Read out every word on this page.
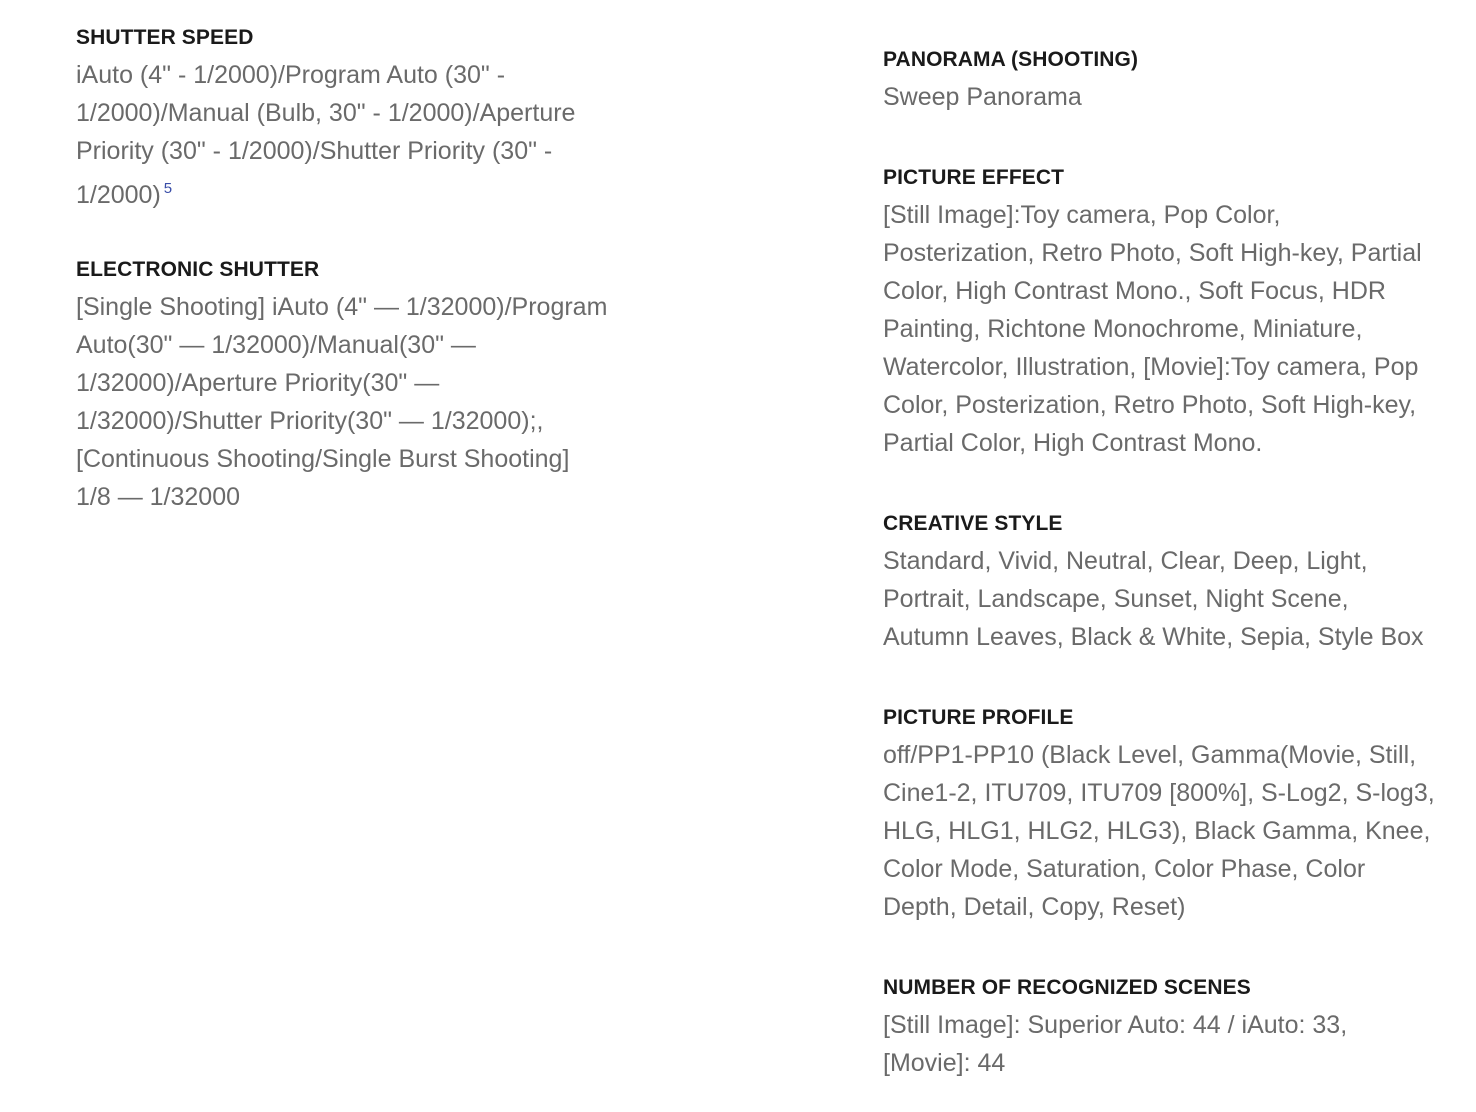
SHUTTER SPEED

iAuto (4" - 1/2000)/Program Auto (30" -
1/2000)/Manual (Bulb, 30" - 1/2000)/Aperture
Priority (30" - 1/2000)/Shutter Priority (30" -
1/2000) $^5$

ELECTRONIC SHUTTER

[Single Shooting] iAuto (4" — 1/32000)/Program
Auto(30" — 1/32000)/Manual(30" —
1/32000)/Aperture Priority(30" —
1/32000)/Shutter Priority(30" — 1/32000);,
[Continuous Shooting/Single Burst Shooting]
1/8 — 1/32000

PANORAMA (SHOOTING)

Sweep Panorama

PICTURE EFFECT

[Still Image]:Toy camera, Pop Color,
Posterization, Retro Photo, Soft High-key, Partial
Color, High Contrast Mono., Soft Focus, HDR
Painting, Richtone Monochrome, Miniature,
Watercolor, Illustration, [Movie]:Toy camera, Pop
Color, Posterization, Retro Photo, Soft High-key,
Partial Color, High Contrast Mono.

CREATIVE STYLE

Standard, Vivid, Neutral, Clear, Deep, Light,
Portrait, Landscape, Sunset, Night Scene,
Autumn Leaves, Black & White, Sepia, Style Box

PICTURE PROFILE

off/PP1-PP10 (Black Level, Gamma(Movie, Still,
Cine1-2, ITU709, ITU709 [800%], S-Log2, S-log3,
HLG, HLG1, HLG2, HLG3), Black Gamma, Knee,
Color Mode, Saturation, Color Phase, Color
Depth, Detail, Copy, Reset)

NUMBER OF RECOGNIZED SCENES

[Still Image]: Superior Auto: 44 / iAuto: 33,
[Movie]: 44
